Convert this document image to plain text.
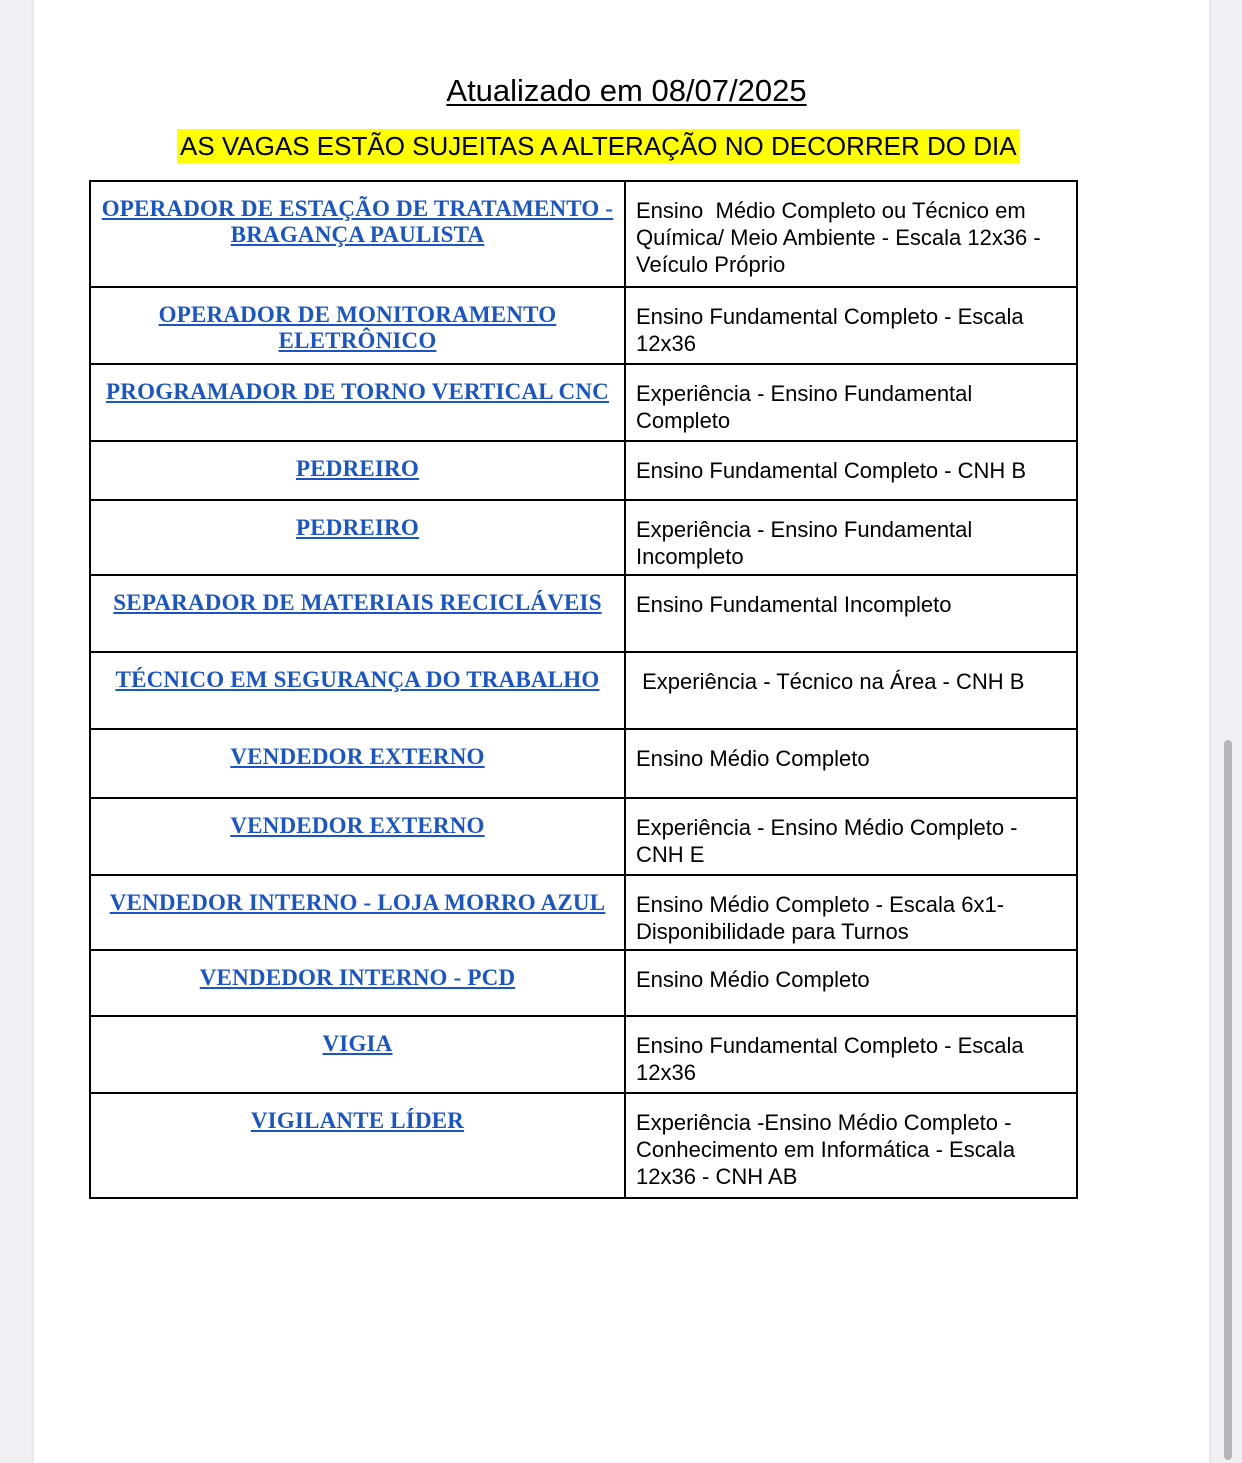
Atualizado em 08/07/2025
AS VAGAS ESTÃO SUJEITAS A ALTERAÇÃO NO DECORRER DO DIA
OPERADOR DE ESTAÇÃO DE TRATAMENTO - BRAGANÇA PAULISTA	Ensino  Médio Completo ou Técnico em Química/ Meio Ambiente - Escala 12x36 - Veículo Próprio
OPERADOR DE MONITORAMENTO ELETRÔNICO	Ensino Fundamental Completo - Escala 12x36
PROGRAMADOR DE TORNO VERTICAL CNC	Experiência - Ensino Fundamental Completo
PEDREIRO	Ensino Fundamental Completo - CNH B
PEDREIRO	Experiência - Ensino Fundamental Incompleto
SEPARADOR DE MATERIAIS RECICLÁVEIS	Ensino Fundamental Incompleto
TÉCNICO EM SEGURANÇA DO TRABALHO	Experiência - Técnico na Área - CNH B
VENDEDOR EXTERNO	Ensino Médio Completo
VENDEDOR EXTERNO	Experiência - Ensino Médio Completo - CNH E
VENDEDOR INTERNO - LOJA MORRO AZUL	Ensino Médio Completo - Escala 6x1- Disponibilidade para Turnos
VENDEDOR INTERNO - PCD	Ensino Médio Completo
VIGIA	Ensino Fundamental Completo - Escala 12x36
VIGILANTE LÍDER	Experiência -Ensino Médio Completo - Conhecimento em Informática - Escala 12x36 - CNH AB
